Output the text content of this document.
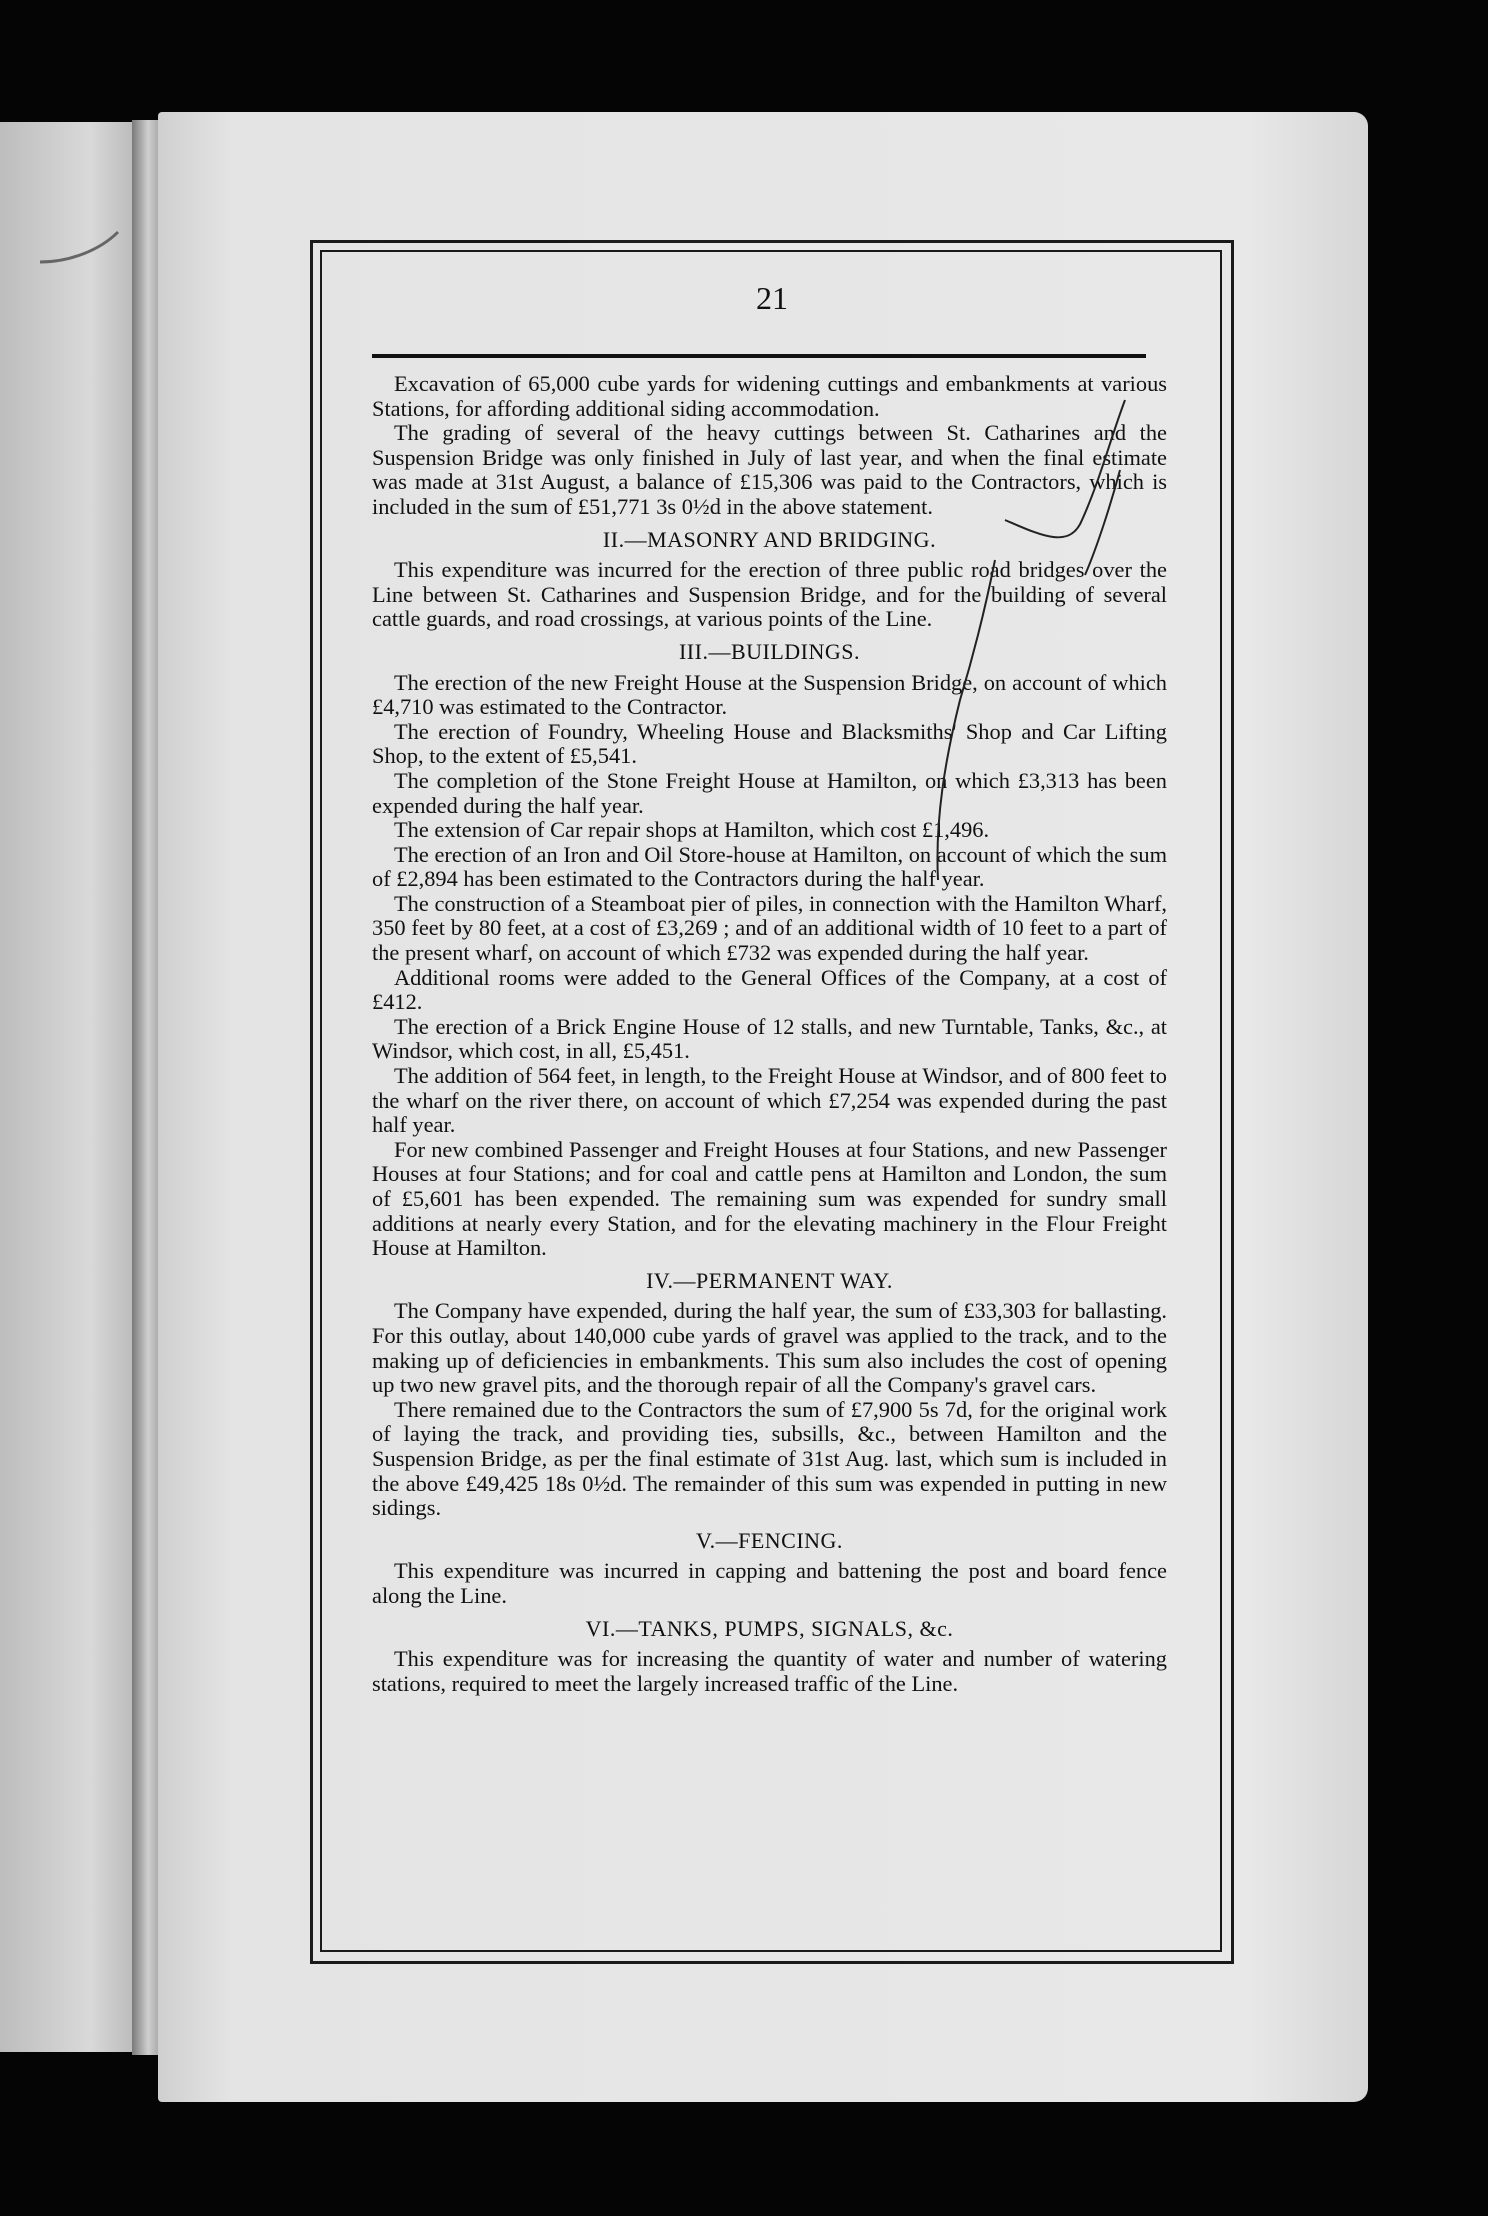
21

Excavation of 65,000 cube yards for widening cuttings and embankments at various Stations, for affording additional siding accommodation.

The grading of several of the heavy cuttings between St. Catharines and the Suspension Bridge was only finished in July of last year, and when the final estimate was made at 31st August, a balance of £15,306 was paid to the Contractors, which is included in the sum of £51,771 3s 0½d in the above statement.

II.—MASONRY AND BRIDGING.

This expenditure was incurred for the erection of three public road bridges over the Line between St. Catharines and Suspension Bridge, and for the building of several cattle guards, and road crossings, at various points of the Line.

III.—BUILDINGS.

The erection of the new Freight House at the Suspension Bridge, on account of which £4,710 was estimated to the Contractor.

The erection of Foundry, Wheeling House and Blacksmiths' Shop and Car Lifting Shop, to the extent of £5,541.

The completion of the Stone Freight House at Hamilton, on which £3,313 has been expended during the half year.

The extension of Car repair shops at Hamilton, which cost £1,496.

The erection of an Iron and Oil Store-house at Hamilton, on account of which the sum of £2,894 has been estimated to the Contractors during the half year.

The construction of a Steamboat pier of piles, in connection with the Hamilton Wharf, 350 feet by 80 feet, at a cost of £3,269 ; and of an additional width of 10 feet to a part of the present wharf, on account of which £732 was expended during the half year.

Additional rooms were added to the General Offices of the Company, at a cost of £412.

The erection of a Brick Engine House of 12 stalls, and new Turntable, Tanks, &c., at Windsor, which cost, in all, £5,451.

The addition of 564 feet, in length, to the Freight House at Windsor, and of 800 feet to the wharf on the river there, on account of which £7,254 was expended during the past half year.

For new combined Passenger and Freight Houses at four Stations, and new Passenger Houses at four Stations; and for coal and cattle pens at Hamilton and London, the sum of £5,601 has been expended. The remaining sum was expended for sundry small additions at nearly every Station, and for the elevating machinery in the Flour Freight House at Hamilton.

IV.—PERMANENT WAY.

The Company have expended, during the half year, the sum of £33,303 for ballasting. For this outlay, about 140,000 cube yards of gravel was applied to the track, and to the making up of deficiencies in embankments. This sum also includes the cost of opening up two new gravel pits, and the thorough repair of all the Company's gravel cars.

There remained due to the Contractors the sum of £7,900 5s 7d, for the original work of laying the track, and providing ties, subsills, &c., between Hamilton and the Suspension Bridge, as per the final estimate of 31st Aug. last, which sum is included in the above £49,425 18s 0½d. The remainder of this sum was expended in putting in new sidings.

V.—FENCING.

This expenditure was incurred in capping and battening the post and board fence along the Line.

VI.—TANKS, PUMPS, SIGNALS, &c.

This expenditure was for increasing the quantity of water and number of watering stations, required to meet the largely increased traffic of the Line.
